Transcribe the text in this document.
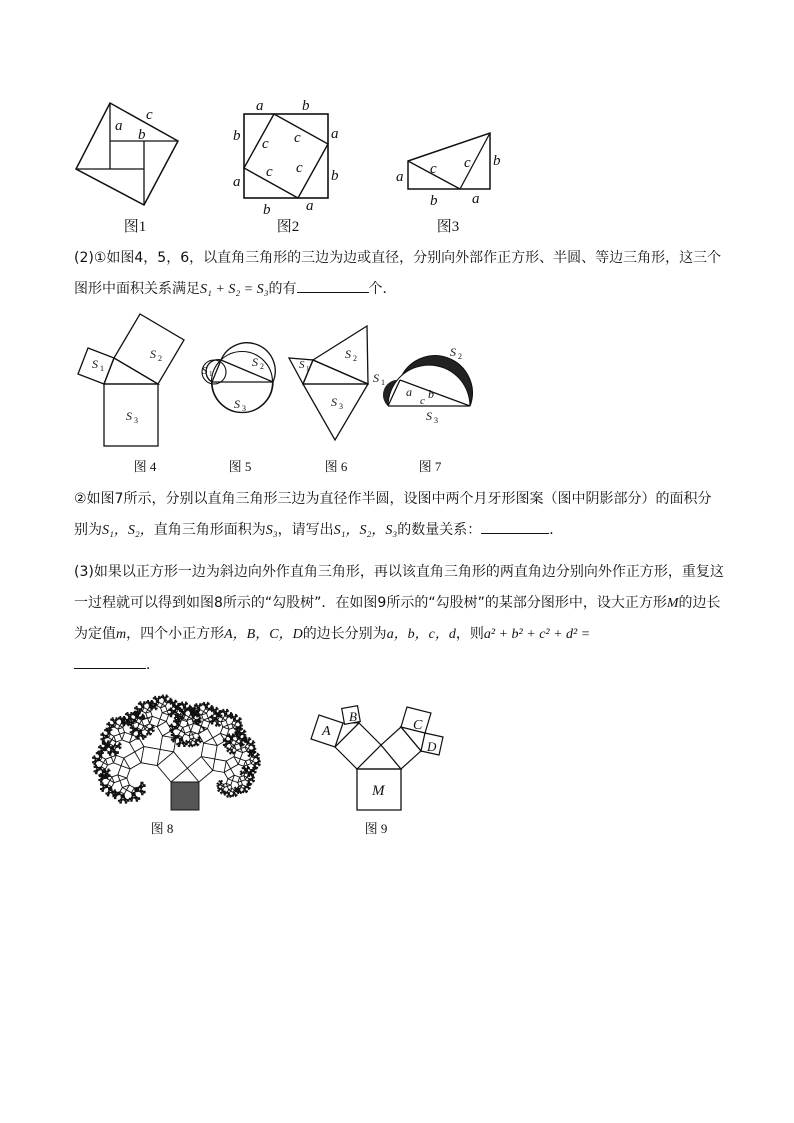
a
b
c
图1
a	b
a
b
b
a
b a
c c
c c
图2
a c c b
b a
图3
(2)①如图4，5，6，以直角三角形的三边为边或直径，分别向外部作正方形、半圆、等边三角形，这三个图形中面积关系满足S₁ + S₂ = S₃的有	个．
S 1
S 2
S 3
图 4
S 1
S 2
S 3
图 5
S 1
S 2
S 3
图 6
S 1
S 2
S 3
a b
c
图 7
②如图7所示，分别以直角三角形三边为直径作半圆，设图中两个月牙形图案（图中阴影部分）的面积分别为S₁，S₂，直角三角形面积为S₃，请写出S₁，S₂，S₃的数量关系：	．
(3)如果以正方形一边为斜边向外作直角三角形，再以该直角三角形的两直角边分别向外作正方形，重复这一过程就可以得到如图8所示的“勾股树”．在如图9所示的“勾股树”的某部分图形中，设大正方形M的边长为定值m，四个小正方形A，B，C，D的边长分别为a，b，c，d，则a² + b² + c² + d² =
．
图 8
A
B
C
D
M
图 9
